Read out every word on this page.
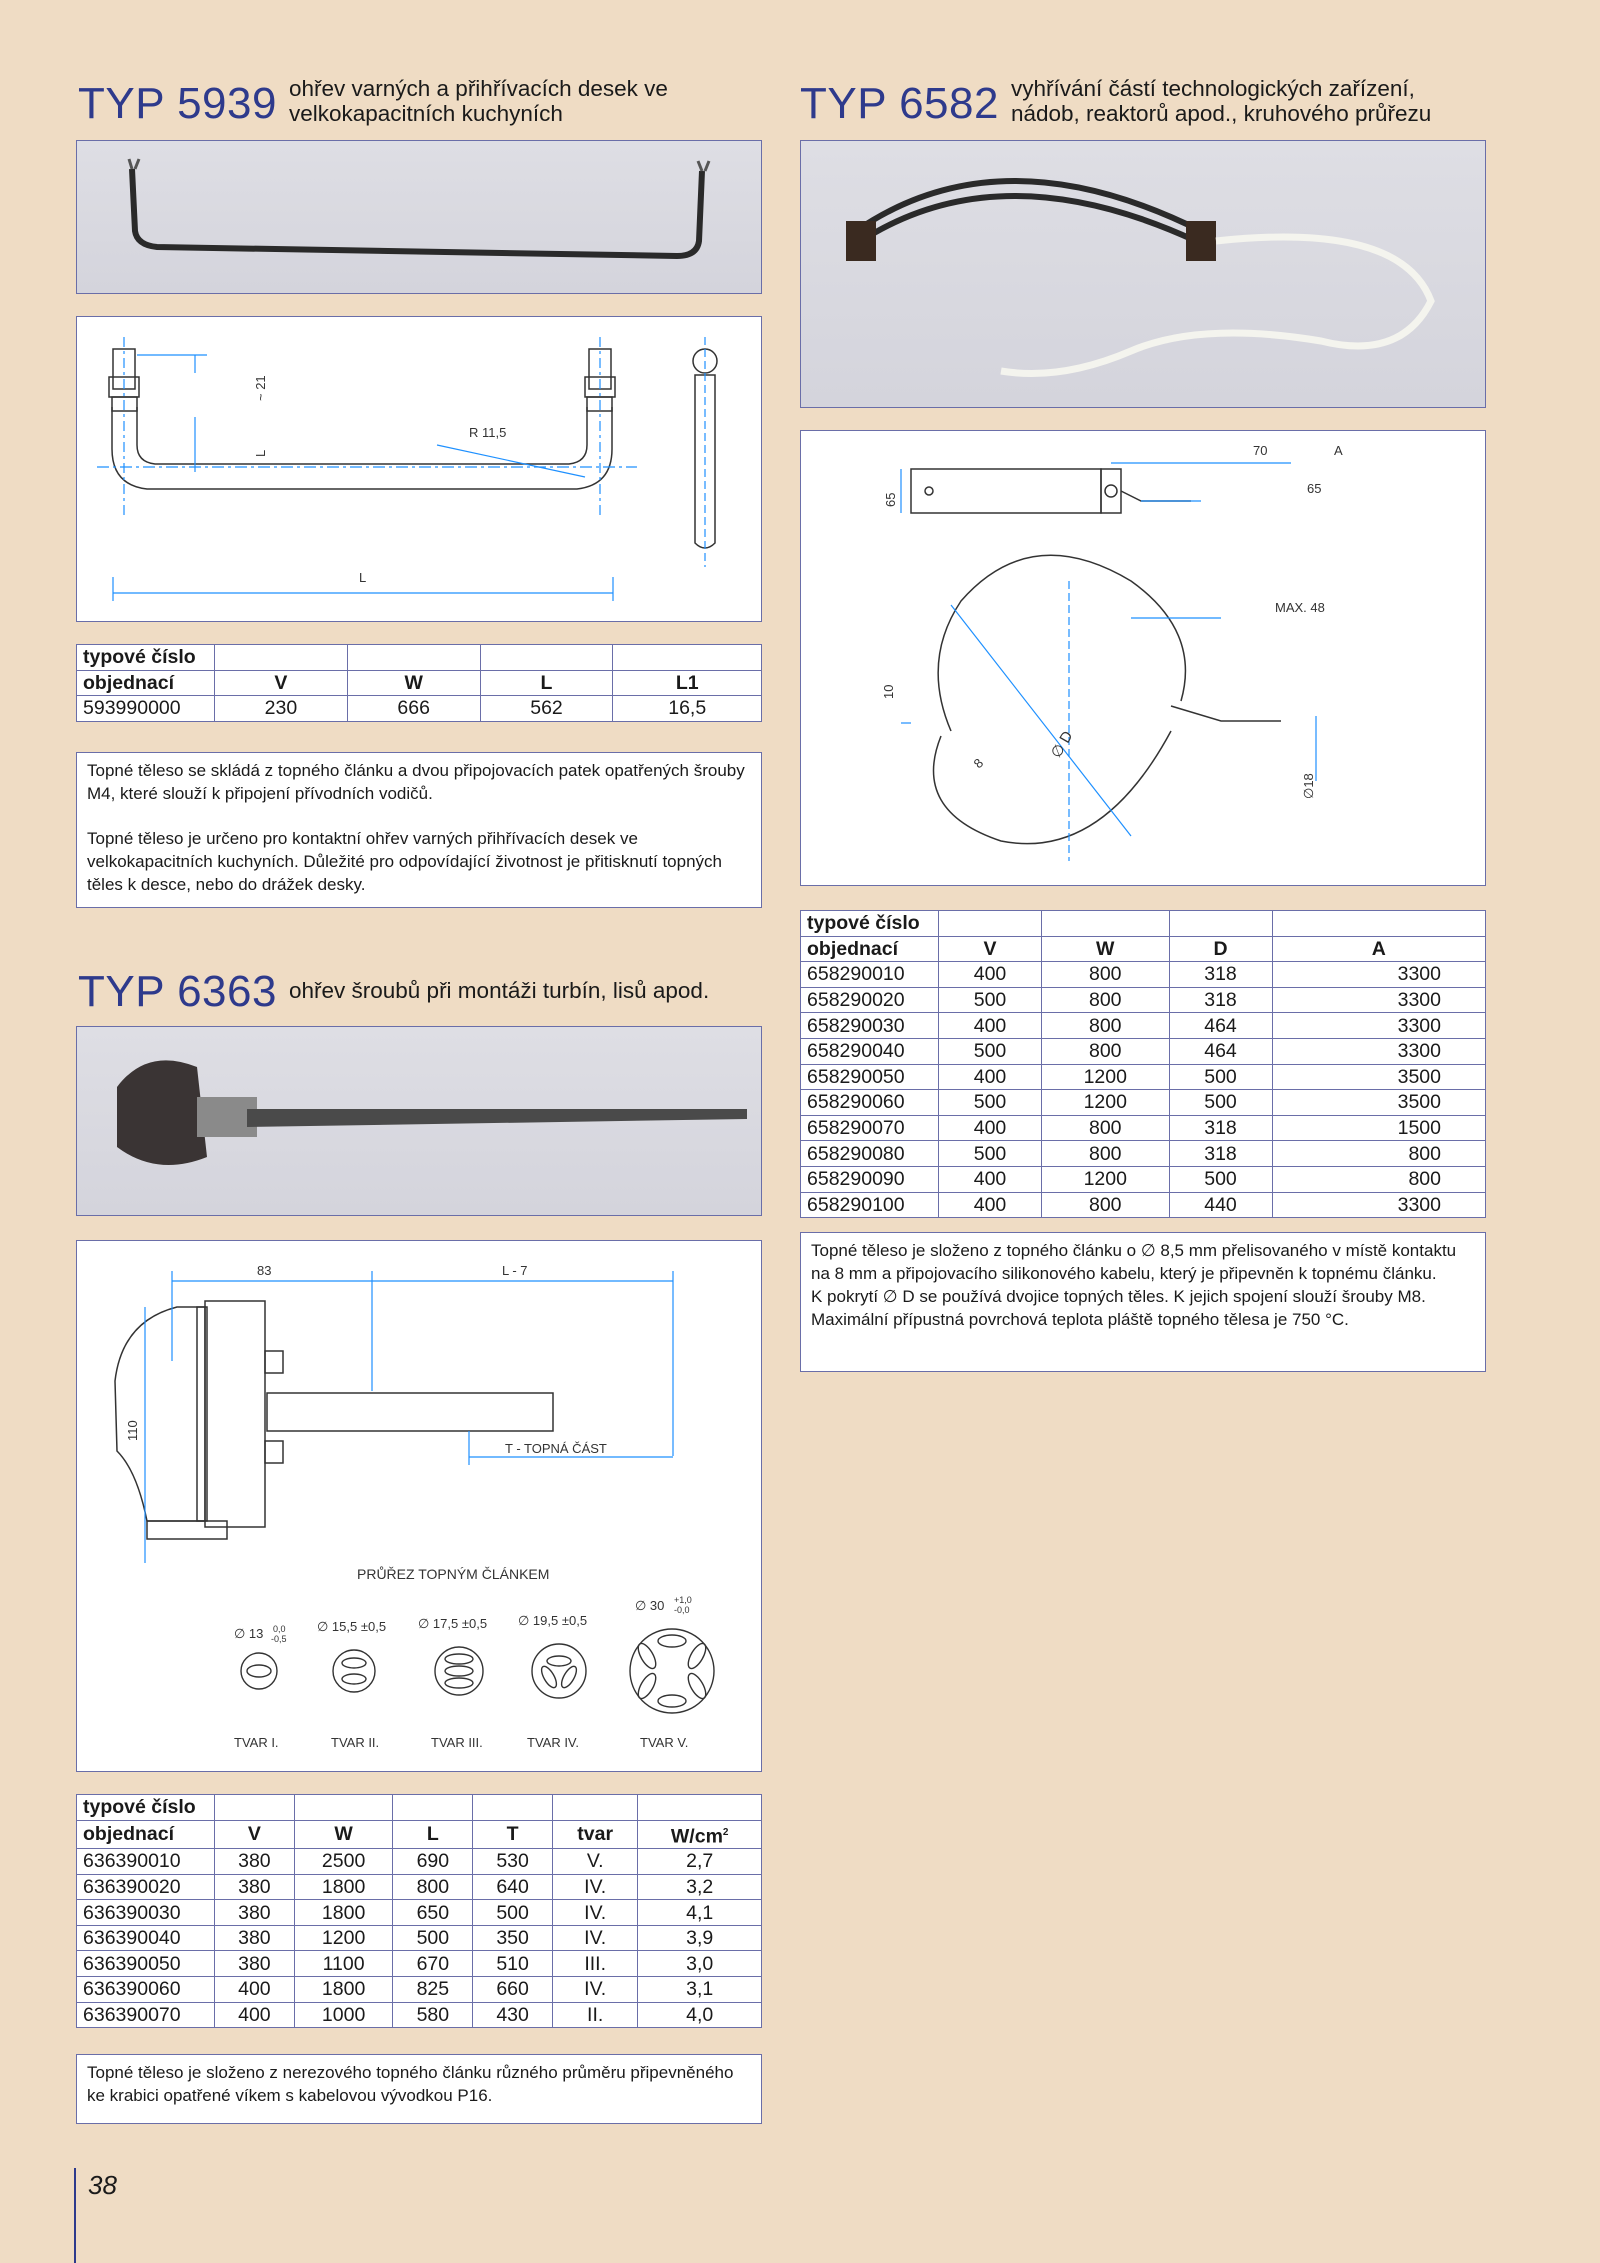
TYP 5939 ohřev varných a přihřívacích desek ve
velkokapacitních kuchyních
~ 21
L
R 11,5
L
typové číslo				
objednací	V	W	L	L1
593990000	230	666	562	16,5

Topné těleso se skládá z topného článku a dvou připojovacích patek opatřených šrouby M4, které slouží k připojení přívodních vodičů.

Topné těleso je určeno pro kontaktní ohřev varných přihřívacích desek ve velkokapacitních kuchyních. Důležité pro odpovídající životnost je přitisknutí topných těles k desce, nebo do drážek desky.

TYP 6363 ohřev šroubů při montáži turbín, lisů apod.
83	L - 7
110
T - TOPNÁ ČÁST
PRŮŘEZ TOPNÝM ČLÁNKEM
∅ 13 0,0
-0,5
∅ 15,5 ±0,5 ∅ 17,5 ±0,5 ∅ 19,5 ±0,5
∅ 30 +1,0
-0,0
TVAR I.	TVAR II.	TVAR III.	TVAR IV.	TVAR V.
typové číslo						
objednací	V	W	L	T	tvar	$W/cm^2$
636390010	380	2500	690	530	V.	2,7
636390020	380	1800	800	640	IV.	3,2
636390030	380	1800	650	500	IV.	4,1
636390040	380	1200	500	350	IV.	3,9
636390050	380	1100	670	510	III.	3,0
636390060	400	1800	825	660	IV.	3,1
636390070	400	1000	580	430	II.	4,0

Topné těleso je složeno z nerezového topného článku různého průměru připevněného ke krabici opatřené víkem s kabelovou vývodkou P16.

TYP 6582 vyhřívání částí technologických zařízení,
nádob, reaktorů apod., kruhového průřezu
65
70	A
65
MAX. 48
10
8
∅ D
∅18
typové číslo				
objednací	V	W	D	A
658290010	400	800	318	3300
658290020	500	800	318	3300
658290030	400	800	464	3300
658290040	500	800	464	3300
658290050	400	1200	500	3500
658290060	500	1200	500	3500
658290070	400	800	318	1500
658290080	500	800	318	800
658290090	400	1200	500	800
658290100	400	800	440	3300

Topné těleso je složeno z topného článku o ∅ 8,5 mm přelisovaného v místě kontaktu na 8 mm a připojovacího silikonového kabelu, který je připevněn k topnému článku.

K pokrytí ∅ D se používá dvojice topných těles. K jejich spojení slouží šrouby M8. Maximální přípustná povrchová teplota pláště topného tělesa je 750 °C.

38
